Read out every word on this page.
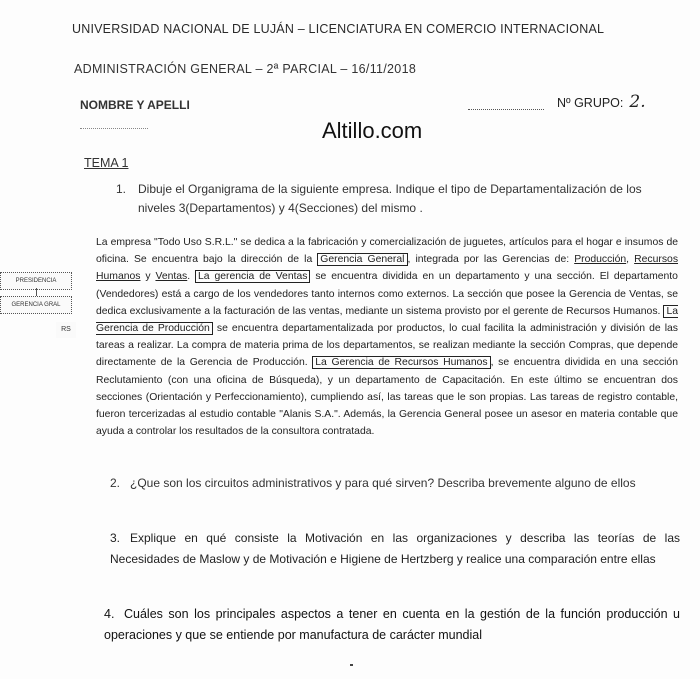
UNIVERSIDAD NACIONAL DE LUJÁN – LICENCIATURA EN COMERCIO INTERNACIONAL
ADMINISTRACIÓN GENERAL – 2ª PARCIAL – 16/11/2018
NOMBRE Y APELLI	Nº GRUPO: 2.
Altillo.com
TEMA 1
1. Dibuje el Organigrama de la siguiente empresa. Indique el tipo de Departamentalización de los niveles 3(Departamentos) y 4(Secciones) del mismo .
PRESIDENCIA
GERENCIA GRAL
RS
La empresa "Todo Uso S.R.L." se dedica a la fabricación y comercialización de juguetes, artículos para el hogar e insumos de oficina. Se encuentra bajo la dirección de la Gerencia General , integrada por las Gerencias de: Producción, Recursos Humanos y Ventas. La gerencia de Ventas se encuentra dividida en un departamento y una sección. El departamento (Vendedores) está a cargo de los vendedores tanto internos como externos. La sección que posee la Gerencia de Ventas, se dedica exclusivamente a la facturación de las ventas, mediante un sistema provisto por el gerente de Recursos Humanos. La Gerencia de Producción se encuentra departamentalizada por productos, lo cual facilita la administración y división de las tareas a realizar. La compra de materia prima de los departamentos, se realizan mediante la sección Compras, que depende directamente de la Gerencia de Producción. La Gerencia de Recursos Humanos , se encuentra dividida en una sección Reclutamiento (con una oficina de Búsqueda), y un departamento de Capacitación. En este último se encuentran dos secciones (Orientación y Perfeccionamiento), cumpliendo así, las tareas que le son propias. Las tareas de registro contable, fueron tercerizadas al estudio contable "Alanis S.A.". Además, la Gerencia General posee un asesor en materia contable que ayuda a controlar los resultados de la consultora contratada.
2. ¿Que son los circuitos administrativos y para qué sirven? Describa brevemente alguno de ellos
3. Explique en qué consiste la Motivación en las organizaciones y describa las teorías de las Necesidades de Maslow y de Motivación e Higiene de Hertzberg y realice una comparación entre ellas
4. Cuáles son los principales aspectos a tener en cuenta en la gestión de la función producción u operaciones y que se entiende por manufactura de carácter mundial
